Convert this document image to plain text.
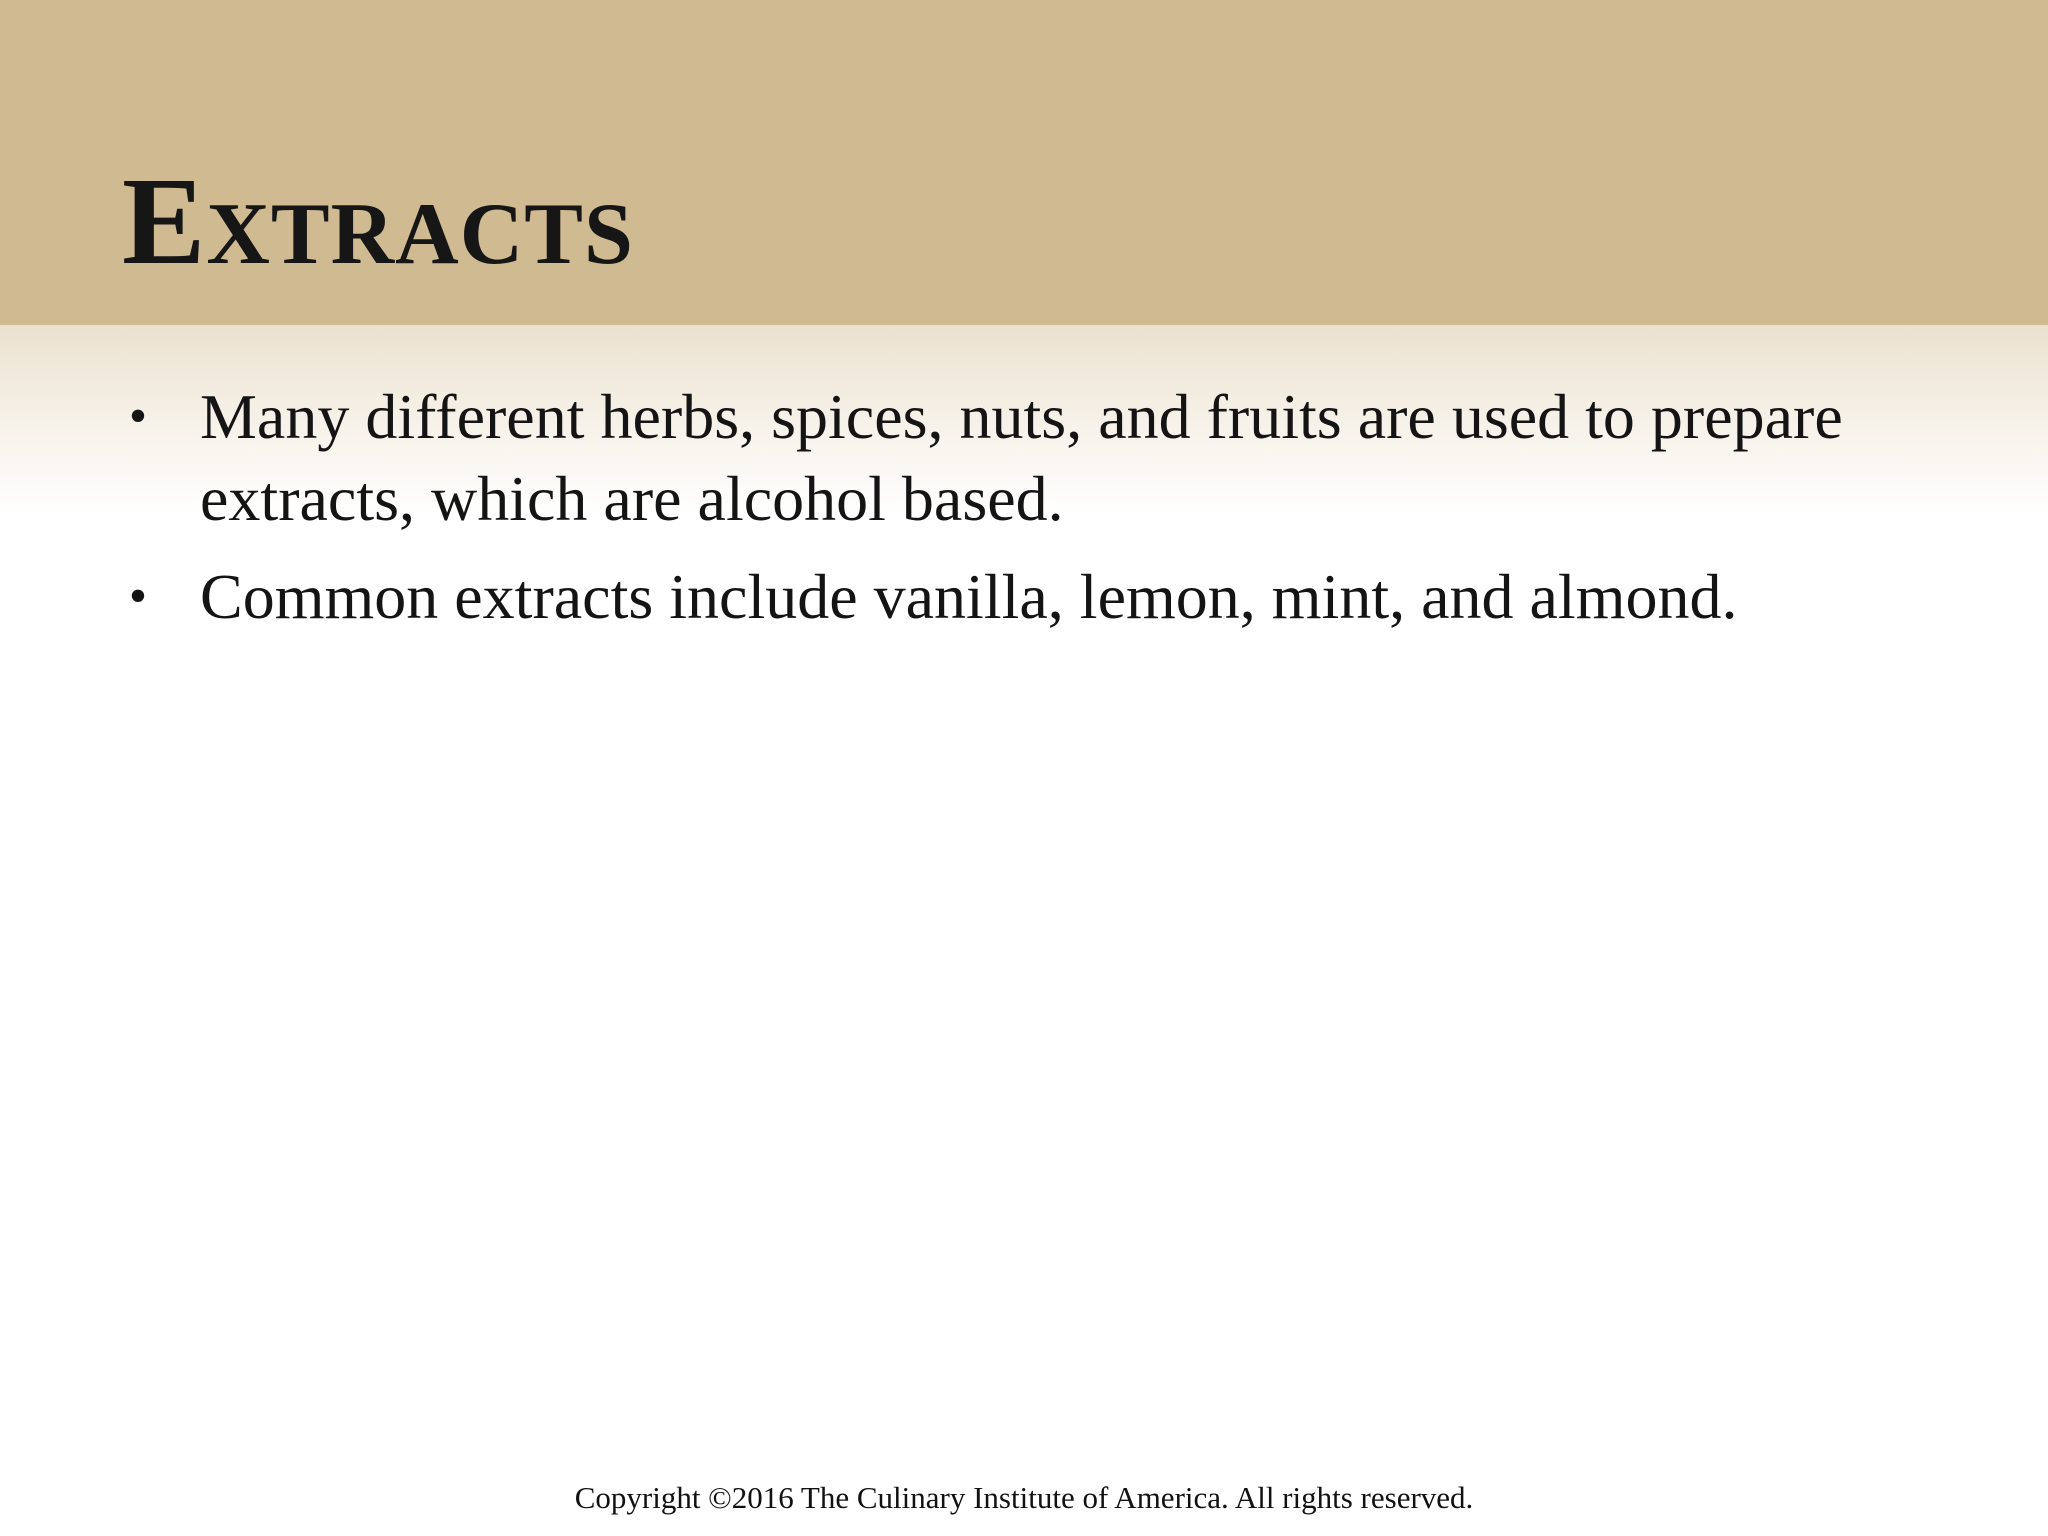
Extracts
• Many different herbs, spices, nuts, and fruits are used to prepare extracts, which are alcohol based.
• Common extracts include vanilla, lemon, mint, and almond.
Copyright ©2016 The Culinary Institute of America. All rights reserved.
